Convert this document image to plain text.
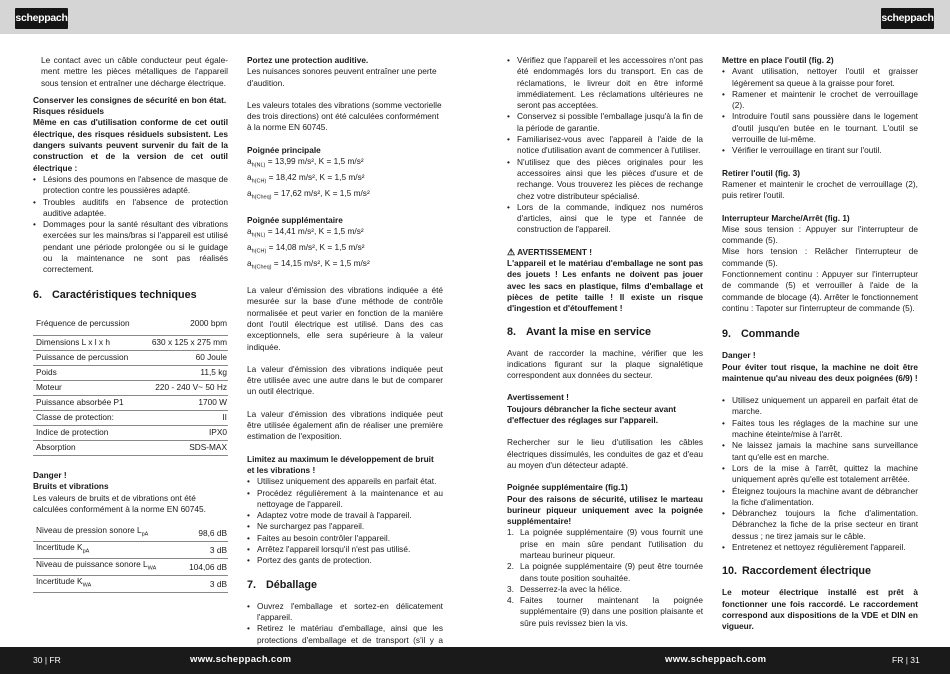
scheppach	scheppach

Le contact avec un câble conducteur peut égale-ment mettre les pièces métalliques de l'appareil sous tension et entraîner une décharge électrique.

Conserver les consignes de sécurité en bon état.

Risques résiduels

Même en cas d'utilisation conforme de cet outil électrique, des risques résiduels subsistent. Les dangers suivants peuvent survenir du fait de la construction et de la version de cet outil électrique :

• Lésions des poumons en l'absence de masque de protection contre les poussières adapté.
• Troubles auditifs en l'absence de protection auditive adaptée.
• Dommages pour la santé résultant des vibrations exercées sur les mains/bras si l'appareil est utilisé pendant une période prolongée ou si le guidage ou la maintenance ne sont pas réalisés correctement.
6. Caractéristiques techniques
Fréquence de percussion	2000 bpm
Dimensions L x l x h	630 x 125 x 275 mm
Puissance de percussion	60 Joule
Poids	11,5 kg
Moteur	220 - 240 V~ 50 Hz
Puissance absorbée P1	1700 W
Classe de protection:	II
Indice de protection	IPX0
Absorption	SDS-MAX

Danger !

Bruits et vibrations

Les valeurs de bruits et de vibrations ont été calculées conformément à la norme EN 60745.

Niveau de pression sonore $L_{pA}$	98,6 dB
Incertitude $K_{pA}$	3 dB
Niveau de puissance sonore $L_{WA}$	104,06 dB
Incertitude $K_{WA}$	3 dB

Portez une protection auditive.

Les nuisances sonores peuvent entraîner une perte d'audition.

Les valeurs totales des vibrations (somme vectorielle des trois directions) ont été calculées conformément à la norme EN 60745.

Poignée principale

$a_{h(NL)} = 13,99$ m/s², K = 1,5 m/s²

$a_{h(CH)} = 18,42$ m/s², K = 1,5 m/s²

$a_{h(Cheq)} = 17,62$ m/s², K = 1,5 m/s²

Poignée supplémentaire

$a_{h(NL)} = 14,41$ m/s², K = 1,5 m/s²

$a_{h(CH)} = 14,08$ m/s², K = 1,5 m/s²

$a_{h(Cheq)} = 14,15$ m/s², K = 1,5 m/s²

La valeur d'émission des vibrations indiquée a été mesurée sur la base d'une méthode de contrôle normalisée et peut varier en fonction de la manière dont l'outil électrique est utilisé. Dans des cas exceptionnels, elle sera supérieure à la valeur indiquée.

La valeur d'émission des vibrations indiquée peut être utilisée avec une autre dans le but de comparer un outil électrique.

La valeur d'émission des vibrations indiquée peut être utilisée également afin de réaliser une première estimation de l'exposition.

Limitez au maximum le développement de bruit et les vibrations !

• Utilisez uniquement des appareils en parfait état.
• Procédez régulièrement à la maintenance et au nettoyage de l'appareil.
• Adaptez votre mode de travail à l'appareil.
• Ne surchargez pas l'appareil.
• Faites au besoin contrôler l'appareil.
• Arrêtez l'appareil lorsqu'il n'est pas utilisé.
• Portez des gants de protection.
7. Déballage
• Ouvrez l'emballage et sortez-en délicatement l'appareil.
• Retirez le matériau d'emballage, ainsi que les protections d'emballage et de transport (s'il y a
•
• Vérifiez que l'appareil et les accessoires n'ont pas été endommagés lors du transport. En cas de réclamations, le livreur doit en être informé immédiatement. Les réclamations ultérieures ne seront pas acceptées.
• Conservez si possible l'emballage jusqu'à la fin de la période de garantie.
• Familiarisez-vous avec l'appareil à l'aide de la notice d'utilisation avant de commencer à l'utiliser.
• N'utilisez que des pièces originales pour les accessoires ainsi que les pièces d'usure et de rechange. Vous trouverez les pièces de rechange chez votre distributeur spécialisé.
• Lors de la commande, indiquez nos numéros d'articles, ainsi que le type et l'année de construction de l'appareil.

⚠ AVERTISSEMENT !

L'appareil et le matériau d'emballage ne sont pas des jouets ! Les enfants ne doivent pas jouer avec les sacs en plastique, films d'emballage et pièces de petite taille ! Il existe un risque d'ingestion et d'étouffement !

8. Avant la mise en service

Avant de raccorder la machine, vérifier que les indications figurant sur la plaque signalétique correspondent aux données du secteur.

Avertissement !

Toujours débrancher la fiche secteur avant d'effectuer des réglages sur l'appareil.

Rechercher sur le lieu d'utilisation les câbles électriques dissimulés, les conduites de gaz et d'eau au moyen d'un détecteur adapté.

Poignée supplémentaire (fig.1)

Pour des raisons de sécurité, utilisez le marteau burineur piqueur uniquement avec la poignée supplémentaire!

1. La poignée supplémentaire (9) vous fournit une prise en main sûre pendant l'utilisation du marteau burineur piqueur.
2. La poignée supplémentaire (9) peut être tournée dans toute position souhaitée.
3. Desserrez-la avec la hélice.
4. Faites tourner maintenant la poignée supplémentaire (9) dans une position plaisante et sûre puis revissez bien la vis.

Mettre en place l'outil (fig. 2)

• Avant utilisation, nettoyer l'outil et graisser légèrement sa queue à la graisse pour foret.
• Ramener et maintenir le crochet de verrouillage (2).
• Introduire l'outil sans poussière dans le logement d'outil jusqu'en butée en le tournant. L'outil se verrouille de lui-même.
• Vérifier le verrouillage en tirant sur l'outil.

Retirer l'outil (fig. 3)

Ramener et maintenir le crochet de verrouillage (2), puis retirer l'outil.

Interrupteur Marche/Arrêt (fig. 1)

Mise sous tension : Appuyer sur l'interrupteur de commande (5).

Mise hors tension : Relâcher l'interrupteur de commande (5).

Fonctionnement continu : Appuyer sur l'interrupteur de commande (5) et verrouiller à l'aide de la commande de blocage (4). Arrêter le fonctionnement continu : Tapoter sur l'interrupteur de commande (5).

9. Commande

Danger !

Pour éviter tout risque, la machine ne doit être maintenue qu'au niveau des deux poignées (6/9) !

• Utilisez uniquement un appareil en parfait état de marche.
• Faites tous les réglages de la machine sur une machine éteinte/mise à l'arrêt.
• Ne laissez jamais la machine sans surveillance tant qu'elle est en marche.
• Lors de la mise à l'arrêt, quittez la machine uniquement après qu'elle est totalement arrêtée.
• Éteignez toujours la machine avant de débrancher la fiche d'alimentation.
• Débranchez toujours la fiche d'alimentation. Débranchez la fiche de la prise secteur en tirant dessus ; ne tirez jamais sur le câble.
• Entretenez et nettoyez régulièrement l'appareil.
10. Raccordement électrique

Le moteur électrique installé est prêt à fonctionner une fois raccordé. Le raccordement correspond aux dispositions de la VDE et DIN en vigueur.

30 | FR	www.scheppach.com	www.scheppach.com	FR | 31
